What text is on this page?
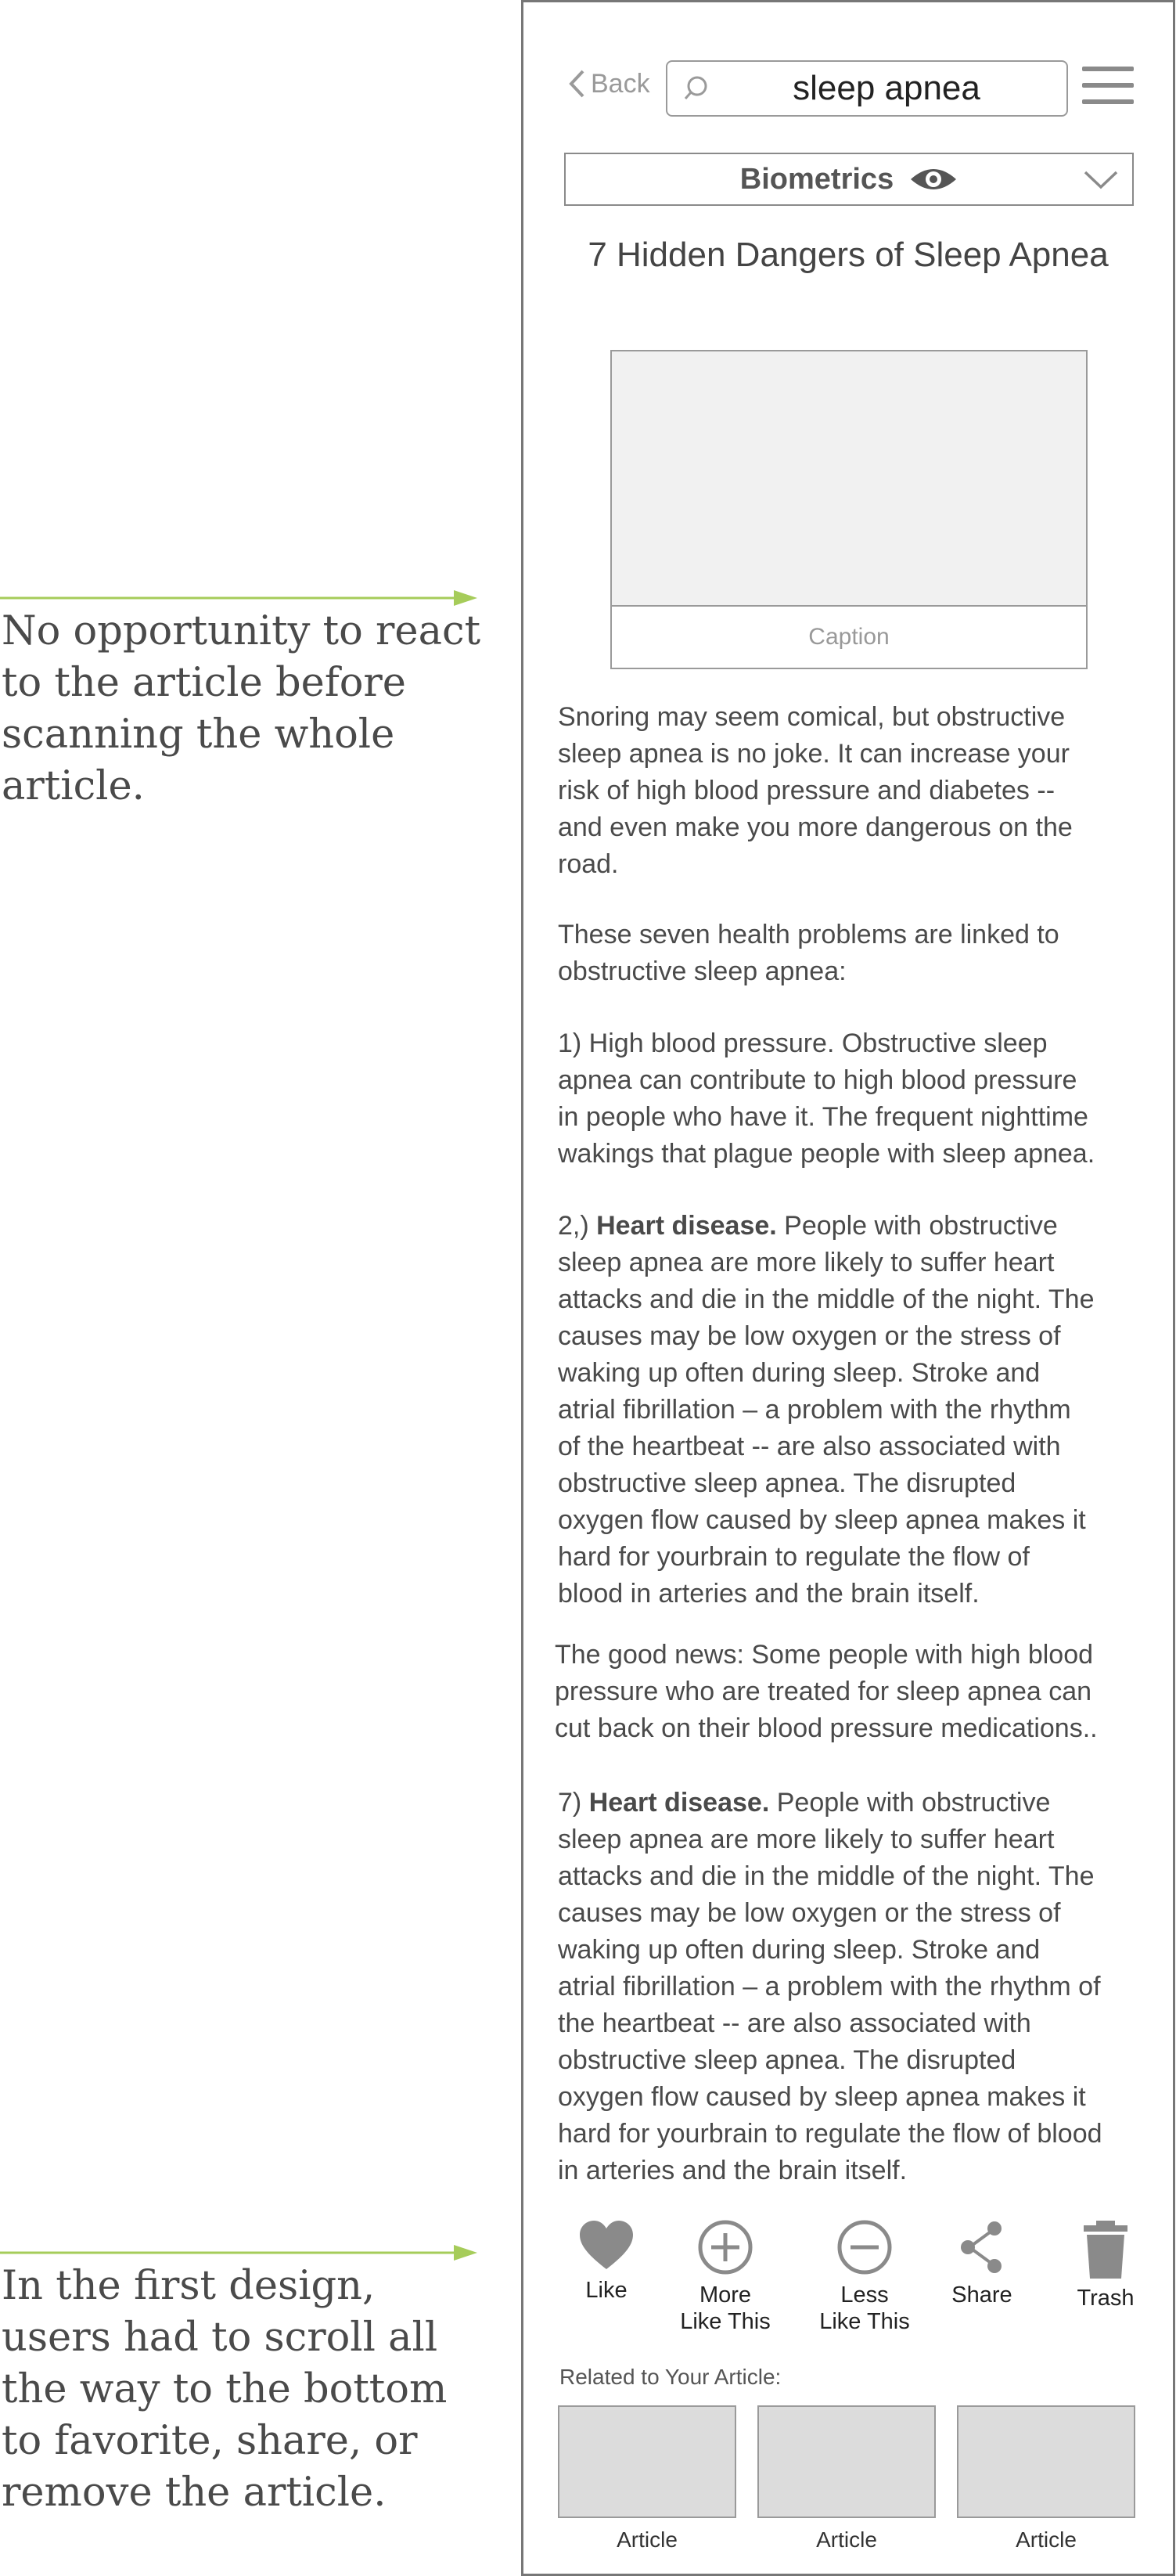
No opportunity to react
to the article before
scanning the whole
article.
In the first design,
users had to scroll all
the way to the bottom
to favorite, share, or
remove the article.
Back	sleep apnea
Biometrics
7 Hidden Dangers of Sleep Apnea
Caption
Snoring may seem comical, but obstructive
sleep apnea is no joke. It can increase your
risk of high blood pressure and diabetes --
and even make you more dangerous on the
road.
These seven health problems are linked to
obstructive sleep apnea:
1) High blood pressure. Obstructive sleep
apnea can contribute to high blood pressure
in people who have it. The frequent nighttime
wakings that plague people with sleep apnea.
2,) Heart disease. People with obstructive
sleep apnea are more likely to suffer heart
attacks and die in the middle of the night. The
causes may be low oxygen or the stress of
waking up often during sleep. Stroke and
atrial fibrillation – a problem with the rhythm
of the heartbeat -- are also associated with
obstructive sleep apnea. The disrupted
oxygen flow caused by sleep apnea makes it
hard for yourbrain to regulate the flow of
blood in arteries and the brain itself.
The good news: Some people with high blood
pressure who are treated for sleep apnea can
cut back on their blood pressure medications..
7) Heart disease. People with obstructive
sleep apnea are more likely to suffer heart
attacks and die in the middle of the night. The
causes may be low oxygen or the stress of
waking up often during sleep. Stroke and
atrial fibrillation – a problem with the rhythm of
the heartbeat -- are also associated with
obstructive sleep apnea. The disrupted
oxygen flow caused by sleep apnea makes it
hard for yourbrain to regulate the flow of blood
in arteries and the brain itself.
Like	More
Like This
Less
Like This
Share	Trash
Related to Your Article:
Article	Article	Article
